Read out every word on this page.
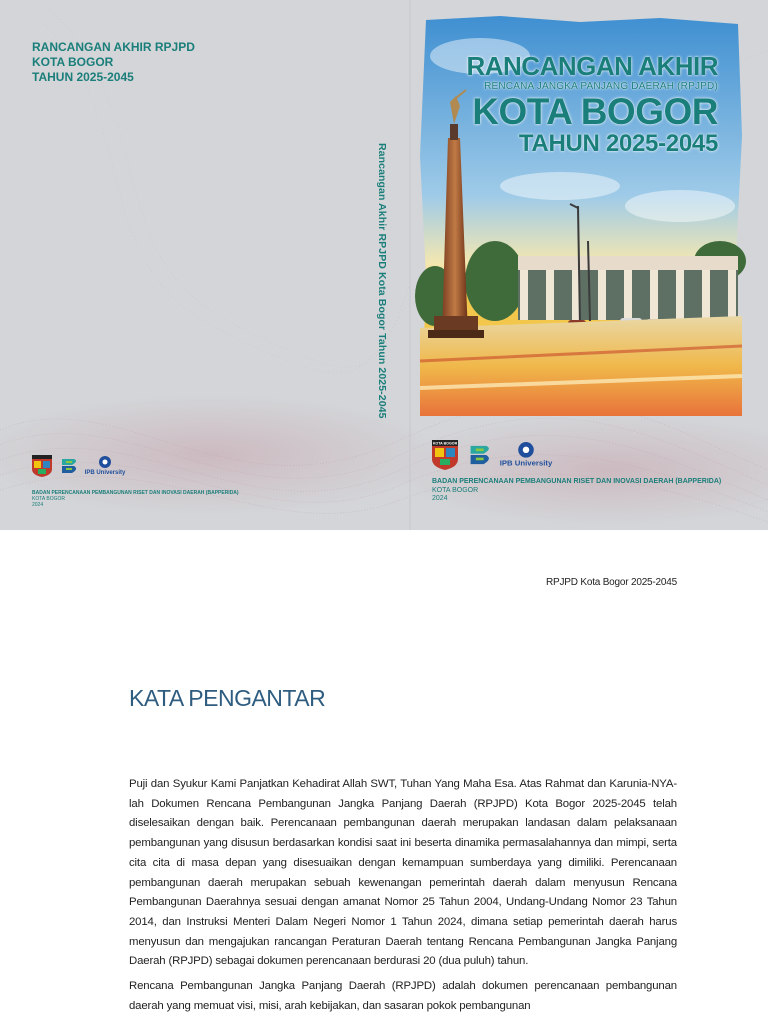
RANCANGAN AKHIR RPJPD
KOTA BOGOR
TAHUN 2025-2045
Rancangan Akhir RPJPD Kota Bogor Tahun 2025-2045
IPB University
BADAN PERENCANAAN PEMBANGUNAN RISET DAN INOVASI DAERAH (BAPPERIDA)
KOTA BOGOR
2024
RANCANGAN AKHIR
RENCANA JANGKA PANJANG DAERAH (RPJPD)
KOTA BOGOR
TAHUN 2025-2045
KOTA BOGOR
IPB University
BADAN PERENCANAAN PEMBANGUNAN RISET DAN INOVASI DAERAH (BAPPERIDA)
KOTA BOGOR
2024
RPJPD Kota Bogor 2025-2045
KATA PENGANTAR

Puji dan Syukur Kami Panjatkan Kehadirat Allah SWT, Tuhan Yang Maha Esa. Atas Rahmat dan Karunia-NYA-lah Dokumen Rencana Pembangunan Jangka Panjang Daerah (RPJPD) Kota Bogor 2025-2045 telah diselesaikan dengan baik. Perencanaan pembangunan daerah merupakan landasan dalam pelaksanaan pembangunan yang disusun berdasarkan kondisi saat ini beserta dinamika permasalahannya dan mimpi, serta cita cita di masa depan yang disesuaikan dengan kemampuan sumberdaya yang dimiliki. Perencanaan pembangunan daerah merupakan sebuah kewenangan pemerintah daerah dalam menyusun Rencana Pembangunan Daerahnya sesuai dengan amanat Nomor 25 Tahun 2004, Undang-Undang Nomor 23 Tahun 2014, dan Instruksi Menteri Dalam Negeri Nomor 1 Tahun 2024, dimana setiap pemerintah daerah harus menyusun dan mengajukan rancangan Peraturan Daerah tentang Rencana Pembangunan Jangka Panjang Daerah (RPJPD) sebagai dokumen perencanaan berdurasi 20 (dua puluh) tahun.

Rencana Pembangunan Jangka Panjang Daerah (RPJPD) adalah dokumen perencanaan pembangunan daerah yang memuat visi, misi, arah kebijakan, dan sasaran pokok pembangunan
